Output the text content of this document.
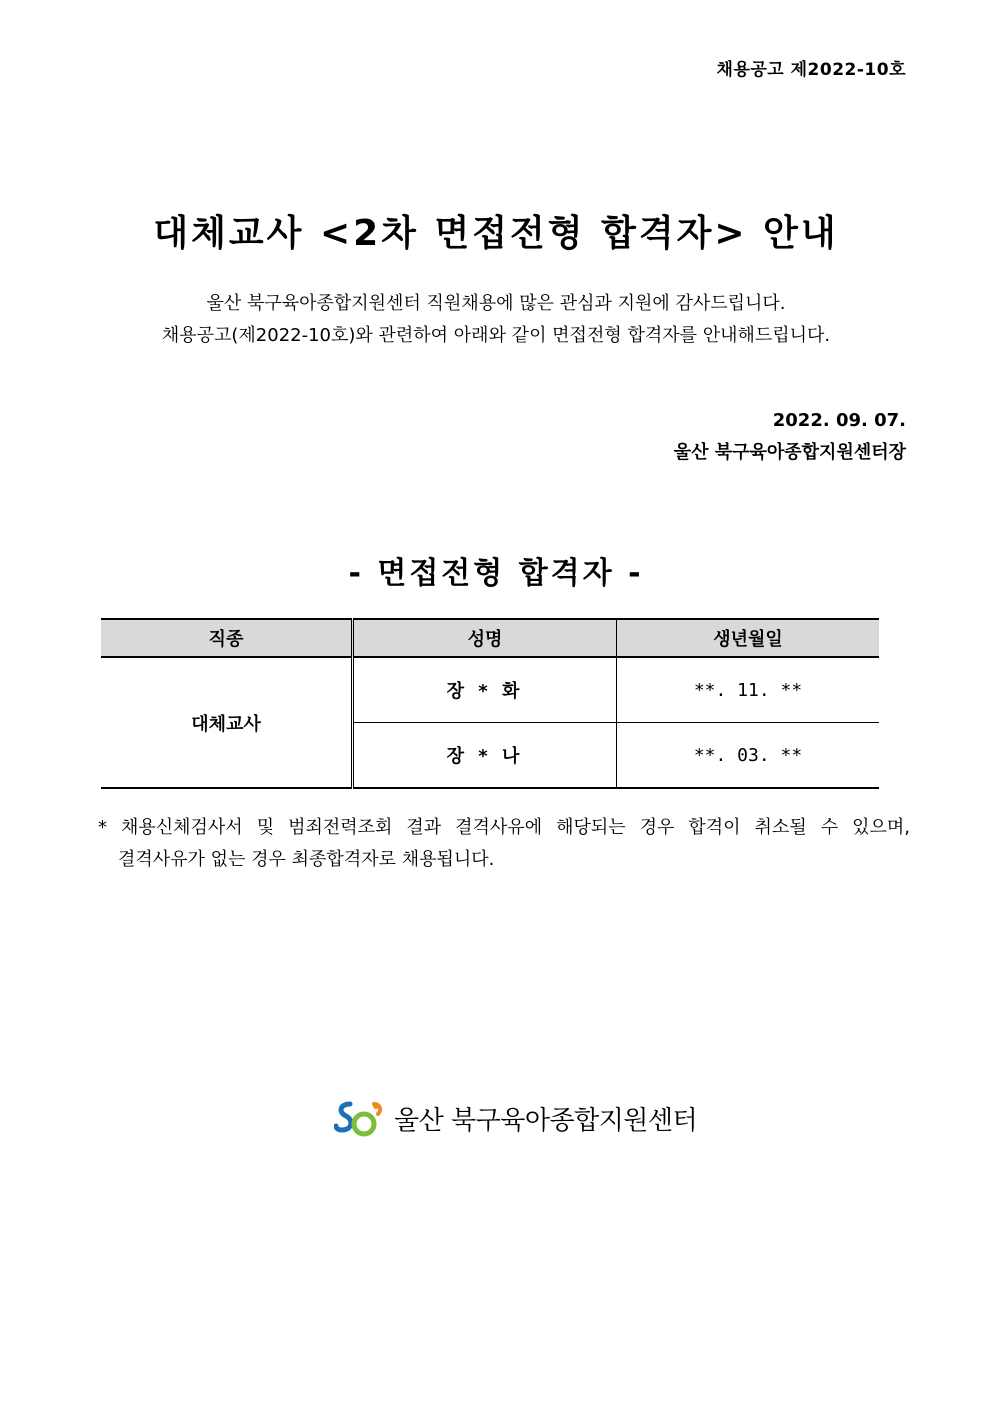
채용공고 제2022-10호
대체교사 <2차 면접전형 합격자> 안내
울산 북구육아종합지원센터 직원채용에 많은 관심과 지원에 감사드립니다.
채용공고(제2022-10호)와 관련하여 아래와 같이 면접전형 합격자를 안내해드립니다.
2022. 09. 07.
울산 북구육아종합지원센터장
- 면접전형 합격자 -
직종	성명	생년월일
대체교사	장 * 화	**. 11. **
	장 * 나	**. 03. **
* 채용신체검사서 및 범죄전력조회 결과 결격사유에 해당되는 경우 합격이 취소될 수 있으며,
결격사유가 없는 경우 최종합격자로 채용됩니다.
울산 북구육아종합지원센터
